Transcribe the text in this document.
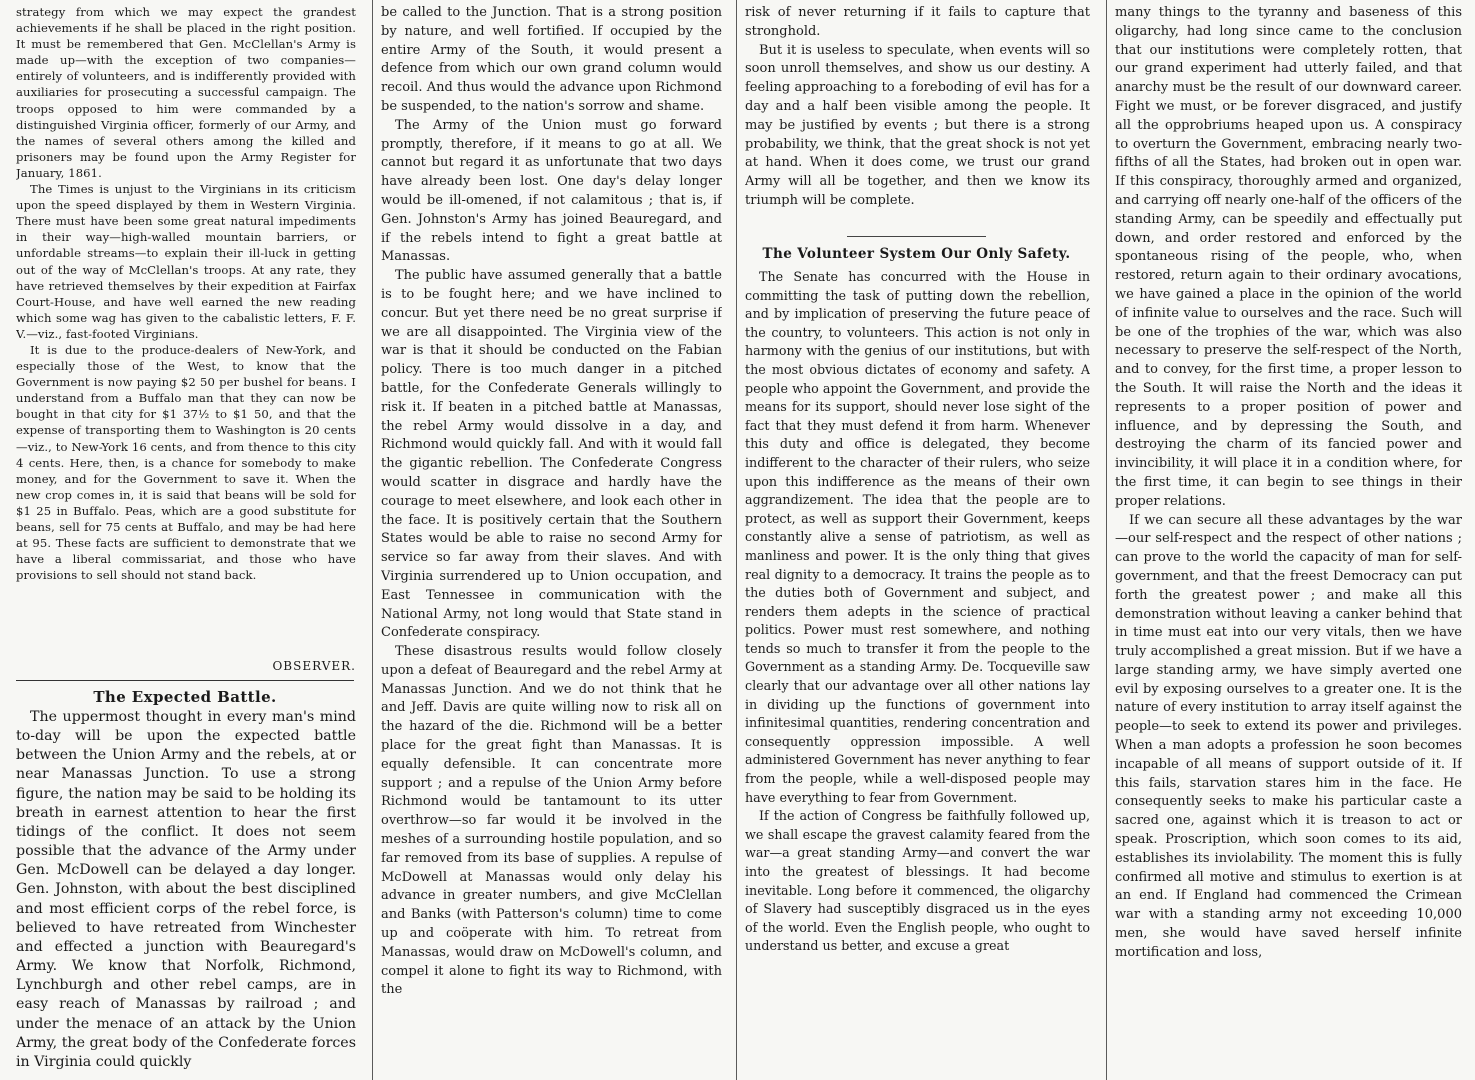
strategy from which we may expect the grandest achievements if he shall be placed in the right position. It must be remembered that Gen. McClellan's Army is made up—with the exception of two companies—entirely of volunteers, and is indifferently provided with auxiliaries for prosecuting a successful campaign. The troops opposed to him were commanded by a distinguished Virginia officer, formerly of our Army, and the names of several others among the killed and prisoners may be found upon the Army Register for January, 1861.

The Times is unjust to the Virginians in its criticism upon the speed displayed by them in Western Virginia. There must have been some great natural impediments in their way—high-walled mountain barriers, or unfordable streams—to explain their ill-luck in getting out of the way of McClellan's troops. At any rate, they have retrieved themselves by their expedition at Fairfax Court-House, and have well earned the new reading which some wag has given to the cabalistic letters, F. F. V.—viz., fast-footed Virginians.

It is due to the produce-dealers of New-York, and especially those of the West, to know that the Government is now paying $2 50 per bushel for beans. I understand from a Buffalo man that they can now be bought in that city for $1 37½ to $1 50, and that the expense of transporting them to Washington is 20 cents—viz., to New-York 16 cents, and from thence to this city 4 cents. Here, then, is a chance for somebody to make money, and for the Government to save it. When the new crop comes in, it is said that beans will be sold for $1 25 in Buffalo. Peas, which are a good substitute for beans, sell for 75 cents at Buffalo, and may be had here at 95. These facts are sufficient to demonstrate that we have a liberal commissariat, and those who have provisions to sell should not stand back.

OBSERVER.
The Expected Battle.

The uppermost thought in every man's mind to-day will be upon the expected battle between the Union Army and the rebels, at or near Manassas Junction. To use a strong figure, the nation may be said to be holding its breath in earnest attention to hear the first tidings of the conflict. It does not seem possible that the advance of the Army under Gen. McDowell can be delayed a day longer. Gen. Johnston, with about the best disciplined and most efficient corps of the rebel force, is believed to have retreated from Winchester and effected a junction with Beauregard's Army. We know that Norfolk, Richmond, Lynchburgh and other rebel camps, are in easy reach of Manassas by railroad ; and under the menace of an attack by the Union Army, the great body of the Confederate forces in Virginia could quickly

be called to the Junction. That is a strong position by nature, and well fortified. If occupied by the entire Army of the South, it would present a defence from which our own grand column would recoil. And thus would the advance upon Richmond be suspended, to the nation's sorrow and shame.

The Army of the Union must go forward promptly, therefore, if it means to go at all. We cannot but regard it as unfortunate that two days have already been lost. One day's delay longer would be ill-omened, if not calamitous ; that is, if Gen. Johnston's Army has joined Beauregard, and if the rebels intend to fight a great battle at Manassas.

The public have assumed generally that a battle is to be fought here; and we have inclined to concur. But yet there need be no great surprise if we are all disappointed. The Virginia view of the war is that it should be conducted on the Fabian policy. There is too much danger in a pitched battle, for the Confederate Generals willingly to risk it. If beaten in a pitched battle at Manassas, the rebel Army would dissolve in a day, and Richmond would quickly fall. And with it would fall the gigantic rebellion. The Confederate Congress would scatter in disgrace and hardly have the courage to meet elsewhere, and look each other in the face. It is positively certain that the Southern States would be able to raise no second Army for service so far away from their slaves. And with Virginia surrendered up to Union occupation, and East Tennessee in communication with the National Army, not long would that State stand in Confederate conspiracy.

These disastrous results would follow closely upon a defeat of Beauregard and the rebel Army at Manassas Junction. And we do not think that he and Jeff. Davis are quite willing now to risk all on the hazard of the die. Richmond will be a better place for the great fight than Manassas. It is equally defensible. It can concentrate more support ; and a repulse of the Union Army before Richmond would be tantamount to its utter overthrow—so far would it be involved in the meshes of a surrounding hostile population, and so far removed from its base of supplies. A repulse of McDowell at Manassas would only delay his advance in greater numbers, and give McClellan and Banks (with Patterson's column) time to come up and coöperate with him. To retreat from Manassas, would draw on McDowell's column, and compel it alone to fight its way to Richmond, with the

risk of never returning if it fails to capture that stronghold.

But it is useless to speculate, when events will so soon unroll themselves, and show us our destiny. A feeling approaching to a foreboding of evil has for a day and a half been visible among the people. It may be justified by events ; but there is a strong probability, we think, that the great shock is not yet at hand. When it does come, we trust our grand Army will all be together, and then we know its triumph will be complete.

The Volunteer System Our Only Safety.

The Senate has concurred with the House in committing the task of putting down the rebellion, and by implication of preserving the future peace of the country, to volunteers. This action is not only in harmony with the genius of our institutions, but with the most obvious dictates of economy and safety. A people who appoint the Government, and provide the means for its support, should never lose sight of the fact that they must defend it from harm. Whenever this duty and office is delegated, they become indifferent to the character of their rulers, who seize upon this indifference as the means of their own aggrandizement. The idea that the people are to protect, as well as support their Government, keeps constantly alive a sense of patriotism, as well as manliness and power. It is the only thing that gives real dignity to a democracy. It trains the people as to the duties both of Government and subject, and renders them adepts in the science of practical politics. Power must rest somewhere, and nothing tends so much to transfer it from the people to the Government as a standing Army. De. Tocqueville saw clearly that our advantage over all other nations lay in dividing up the functions of government into infinitesimal quantities, rendering concentration and consequently oppression impossible. A well administered Government has never anything to fear from the people, while a well-disposed people may have everything to fear from Government.

If the action of Congress be faithfully followed up, we shall escape the gravest calamity feared from the war—a great standing Army—and convert the war into the greatest of blessings. It had become inevitable. Long before it commenced, the oligarchy of Slavery had susceptibly disgraced us in the eyes of the world. Even the English people, who ought to understand us better, and excuse a great

many things to the tyranny and baseness of this oligarchy, had long since came to the conclusion that our institutions were completely rotten, that our grand experiment had utterly failed, and that anarchy must be the result of our downward career. Fight we must, or be forever disgraced, and justify all the opprobriums heaped upon us. A conspiracy to overturn the Government, embracing nearly two-fifths of all the States, had broken out in open war. If this conspiracy, thoroughly armed and organized, and carrying off nearly one-half of the officers of the standing Army, can be speedily and effectually put down, and order restored and enforced by the spontaneous rising of the people, who, when restored, return again to their ordinary avocations, we have gained a place in the opinion of the world of infinite value to ourselves and the race. Such will be one of the trophies of the war, which was also necessary to preserve the self-respect of the North, and to convey, for the first time, a proper lesson to the South. It will raise the North and the ideas it represents to a proper position of power and influence, and by depressing the South, and destroying the charm of its fancied power and invincibility, it will place it in a condition where, for the first time, it can begin to see things in their proper relations.

If we can secure all these advantages by the war—our self-respect and the respect of other nations ; can prove to the world the capacity of man for self-government, and that the freest Democracy can put forth the greatest power ; and make all this demonstration without leaving a canker behind that in time must eat into our very vitals, then we have truly accomplished a great mission. But if we have a large standing army, we have simply averted one evil by exposing ourselves to a greater one. It is the nature of every institution to array itself against the people—to seek to extend its power and privileges. When a man adopts a profession he soon becomes incapable of all means of support outside of it. If this fails, starvation stares him in the face. He consequently seeks to make his particular caste a sacred one, against which it is treason to act or speak. Proscription, which soon comes to its aid, establishes its inviolability. The moment this is fully confirmed all motive and stimulus to exertion is at an end. If England had commenced the Crimean war with a standing army not exceeding 10,000 men, she would have saved herself infinite mortification and loss,
